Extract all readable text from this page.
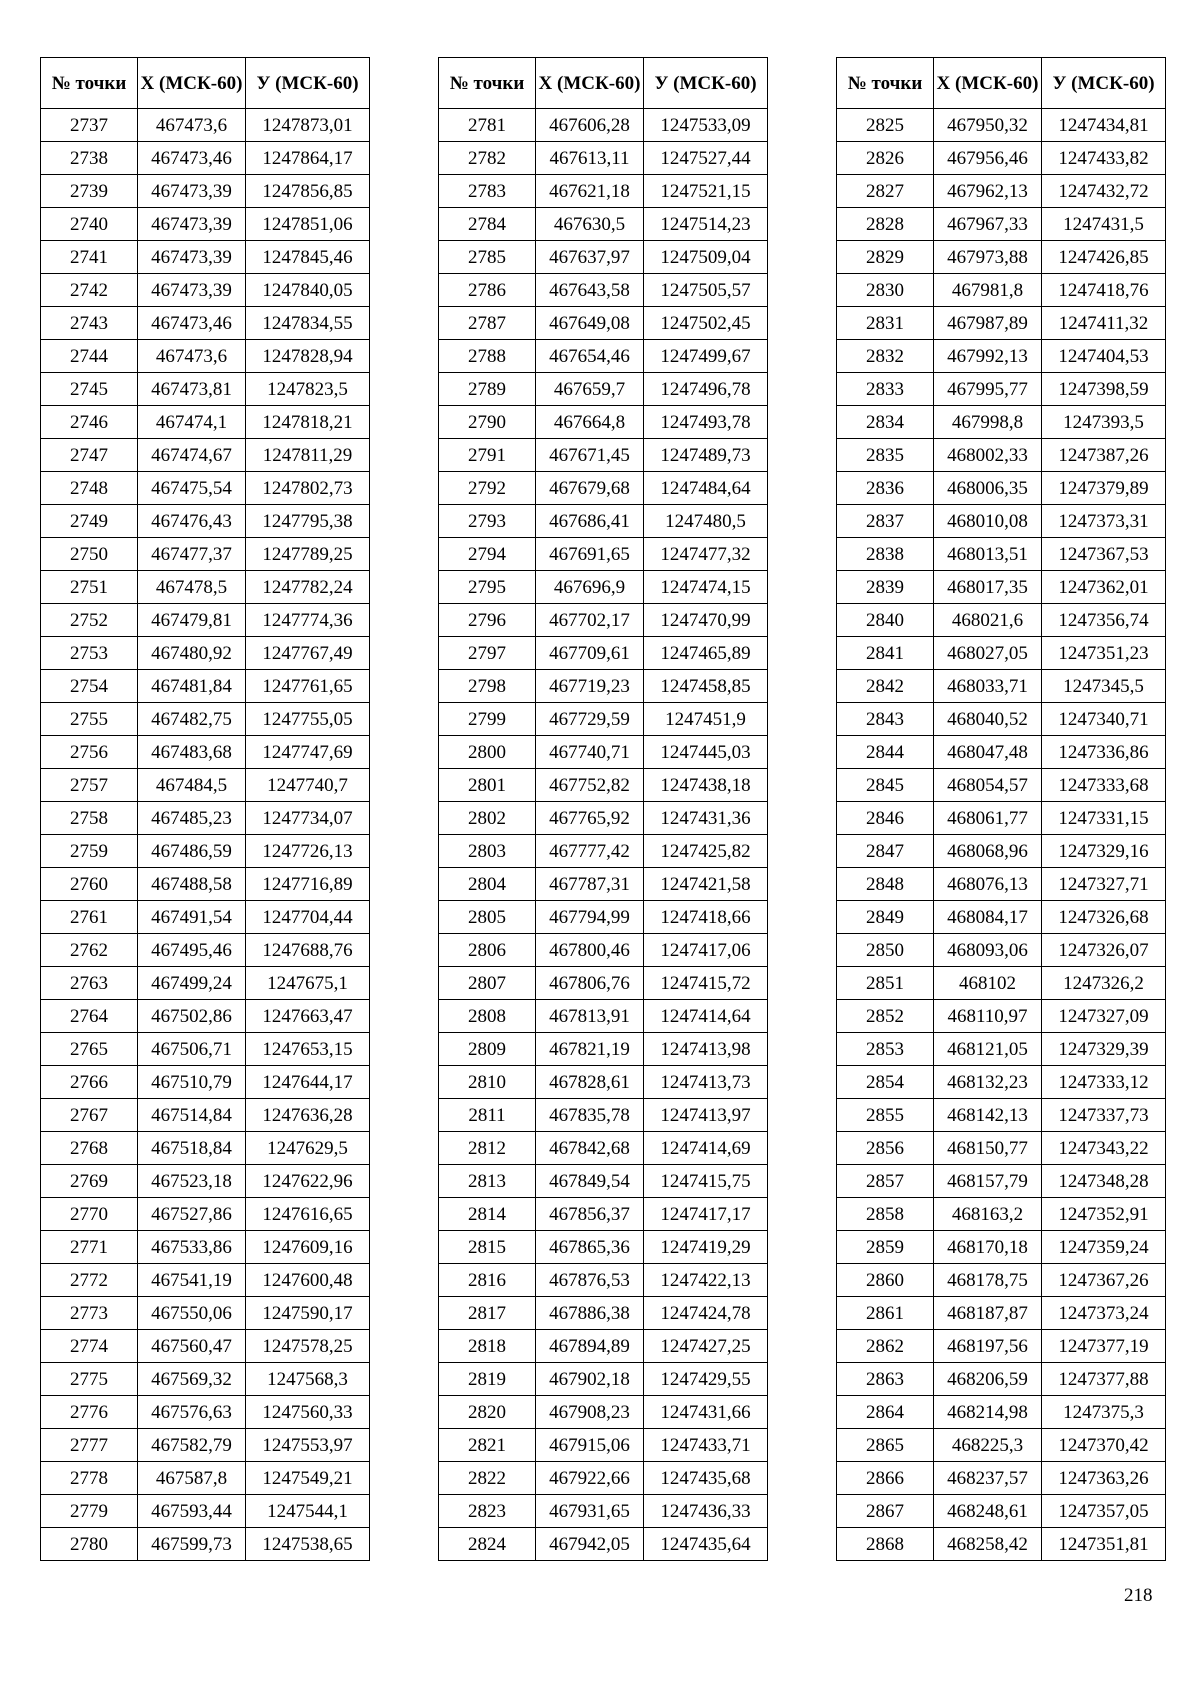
№ точки	X (МСК-60)	У (МСК-60)
2737	467473,6	1247873,01
2738	467473,46	1247864,17
2739	467473,39	1247856,85
2740	467473,39	1247851,06
2741	467473,39	1247845,46
2742	467473,39	1247840,05
2743	467473,46	1247834,55
2744	467473,6	1247828,94
2745	467473,81	1247823,5
2746	467474,1	1247818,21
2747	467474,67	1247811,29
2748	467475,54	1247802,73
2749	467476,43	1247795,38
2750	467477,37	1247789,25
2751	467478,5	1247782,24
2752	467479,81	1247774,36
2753	467480,92	1247767,49
2754	467481,84	1247761,65
2755	467482,75	1247755,05
2756	467483,68	1247747,69
2757	467484,5	1247740,7
2758	467485,23	1247734,07
2759	467486,59	1247726,13
2760	467488,58	1247716,89
2761	467491,54	1247704,44
2762	467495,46	1247688,76
2763	467499,24	1247675,1
2764	467502,86	1247663,47
2765	467506,71	1247653,15
2766	467510,79	1247644,17
2767	467514,84	1247636,28
2768	467518,84	1247629,5
2769	467523,18	1247622,96
2770	467527,86	1247616,65
2771	467533,86	1247609,16
2772	467541,19	1247600,48
2773	467550,06	1247590,17
2774	467560,47	1247578,25
2775	467569,32	1247568,3
2776	467576,63	1247560,33
2777	467582,79	1247553,97
2778	467587,8	1247549,21
2779	467593,44	1247544,1
2780	467599,73	1247538,65
№ точки	X (МСК-60)	У (МСК-60)
2781	467606,28	1247533,09
2782	467613,11	1247527,44
2783	467621,18	1247521,15
2784	467630,5	1247514,23
2785	467637,97	1247509,04
2786	467643,58	1247505,57
2787	467649,08	1247502,45
2788	467654,46	1247499,67
2789	467659,7	1247496,78
2790	467664,8	1247493,78
2791	467671,45	1247489,73
2792	467679,68	1247484,64
2793	467686,41	1247480,5
2794	467691,65	1247477,32
2795	467696,9	1247474,15
2796	467702,17	1247470,99
2797	467709,61	1247465,89
2798	467719,23	1247458,85
2799	467729,59	1247451,9
2800	467740,71	1247445,03
2801	467752,82	1247438,18
2802	467765,92	1247431,36
2803	467777,42	1247425,82
2804	467787,31	1247421,58
2805	467794,99	1247418,66
2806	467800,46	1247417,06
2807	467806,76	1247415,72
2808	467813,91	1247414,64
2809	467821,19	1247413,98
2810	467828,61	1247413,73
2811	467835,78	1247413,97
2812	467842,68	1247414,69
2813	467849,54	1247415,75
2814	467856,37	1247417,17
2815	467865,36	1247419,29
2816	467876,53	1247422,13
2817	467886,38	1247424,78
2818	467894,89	1247427,25
2819	467902,18	1247429,55
2820	467908,23	1247431,66
2821	467915,06	1247433,71
2822	467922,66	1247435,68
2823	467931,65	1247436,33
2824	467942,05	1247435,64
№ точки	X (МСК-60)	У (МСК-60)
2825	467950,32	1247434,81
2826	467956,46	1247433,82
2827	467962,13	1247432,72
2828	467967,33	1247431,5
2829	467973,88	1247426,85
2830	467981,8	1247418,76
2831	467987,89	1247411,32
2832	467992,13	1247404,53
2833	467995,77	1247398,59
2834	467998,8	1247393,5
2835	468002,33	1247387,26
2836	468006,35	1247379,89
2837	468010,08	1247373,31
2838	468013,51	1247367,53
2839	468017,35	1247362,01
2840	468021,6	1247356,74
2841	468027,05	1247351,23
2842	468033,71	1247345,5
2843	468040,52	1247340,71
2844	468047,48	1247336,86
2845	468054,57	1247333,68
2846	468061,77	1247331,15
2847	468068,96	1247329,16
2848	468076,13	1247327,71
2849	468084,17	1247326,68
2850	468093,06	1247326,07
2851	468102	1247326,2
2852	468110,97	1247327,09
2853	468121,05	1247329,39
2854	468132,23	1247333,12
2855	468142,13	1247337,73
2856	468150,77	1247343,22
2857	468157,79	1247348,28
2858	468163,2	1247352,91
2859	468170,18	1247359,24
2860	468178,75	1247367,26
2861	468187,87	1247373,24
2862	468197,56	1247377,19
2863	468206,59	1247377,88
2864	468214,98	1247375,3
2865	468225,3	1247370,42
2866	468237,57	1247363,26
2867	468248,61	1247357,05
2868	468258,42	1247351,81
218
